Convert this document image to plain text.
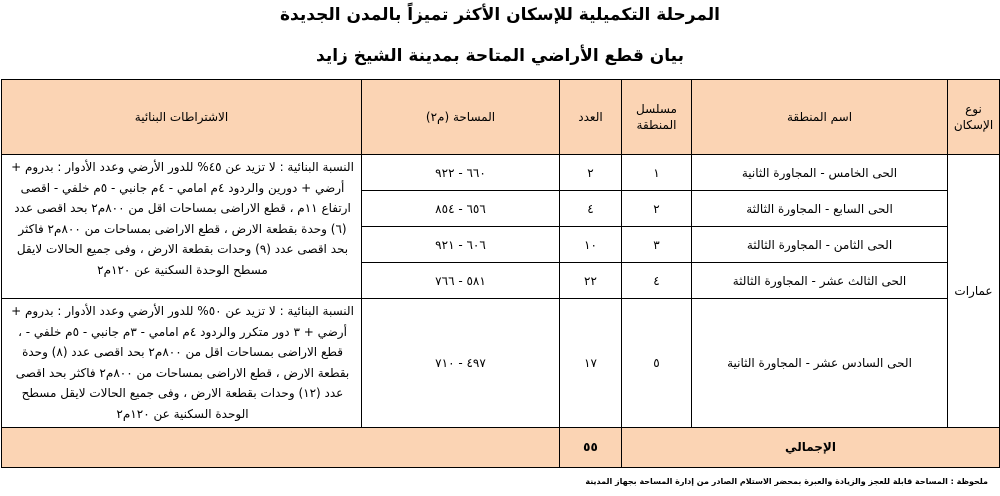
المرحلة التكميلية للإسكان الأكثر تميزاً بالمدن الجديدة
بيان قطع الأراضي المتاحة بمدينة الشيخ زايد
نوع الإسكان	اسم المنطقة	مسلسل المنطقة	العدد	المساحة (م٢)	الاشتراطات البنائية
عمارات	الحى الخامس - المجاورة الثانية	١	٢	٦٦٠ - ٩٢٢	النسبة البنائية : لا تزيد عن ٤٥% للدور الأرضي وعدد الأدوار : بدروم + أرضي + دورين والردود ٤م امامي - ٤م جانبي - ٥م خلفي - اقصى ارتفاع ١١م ، قطع الاراضى بمساحات اقل من ٨٠٠م٢ بحد اقصى عدد (٦) وحدة بقطعة الارض ، قطع الاراضى بمساحات من ٨٠٠م٢ فاكثر بحد اقصى عدد (٩) وحدات بقطعة الارض ، وفى جميع الحالات لايقل مسطح الوحدة السكنية عن ١٢٠م٢

	الحى السابع - المجاورة الثالثة	٢	٤	٦٥٦ - ٨٥٤	
	الحى الثامن - المجاورة الثالثة	٣	١٠	٦٠٦ - ٩٢١	
	الحى الثالث عشر - المجاورة الثالثة	٤	٢٢	٥٨١ - ٧٦٦	
	الحى السادس عشر - المجاورة الثانية	٥	١٧	٤٩٧ - ٧١٠	النسبة البنائية : لا تزيد عن ٥٠% للدور الأرضي وعدد الأدوار : بدروم + أرضي + ٣ دور متكرر والردود ٤م امامي - ٣م جانبي - ٥م خلفي - ، قطع الاراضى بمساحات اقل من ٨٠٠م٢ بحد اقصى عدد (٨) وحدة بقطعة الارض ، قطع الاراضى بمساحات من ٨٠٠م٢ فاكثر بحد اقصى عدد (١٢) وحدات بقطعة الارض ، وفى جميع الحالات لايقل مسطح الوحدة السكنية عن ١٢٠م٢

الإجمالي			٥٥		
ملحوظة : المساحة قابلة للعجز والزيادة والعبرة بمحضر الاستلام الصادر من إدارة المساحة بجهاز المدينة
